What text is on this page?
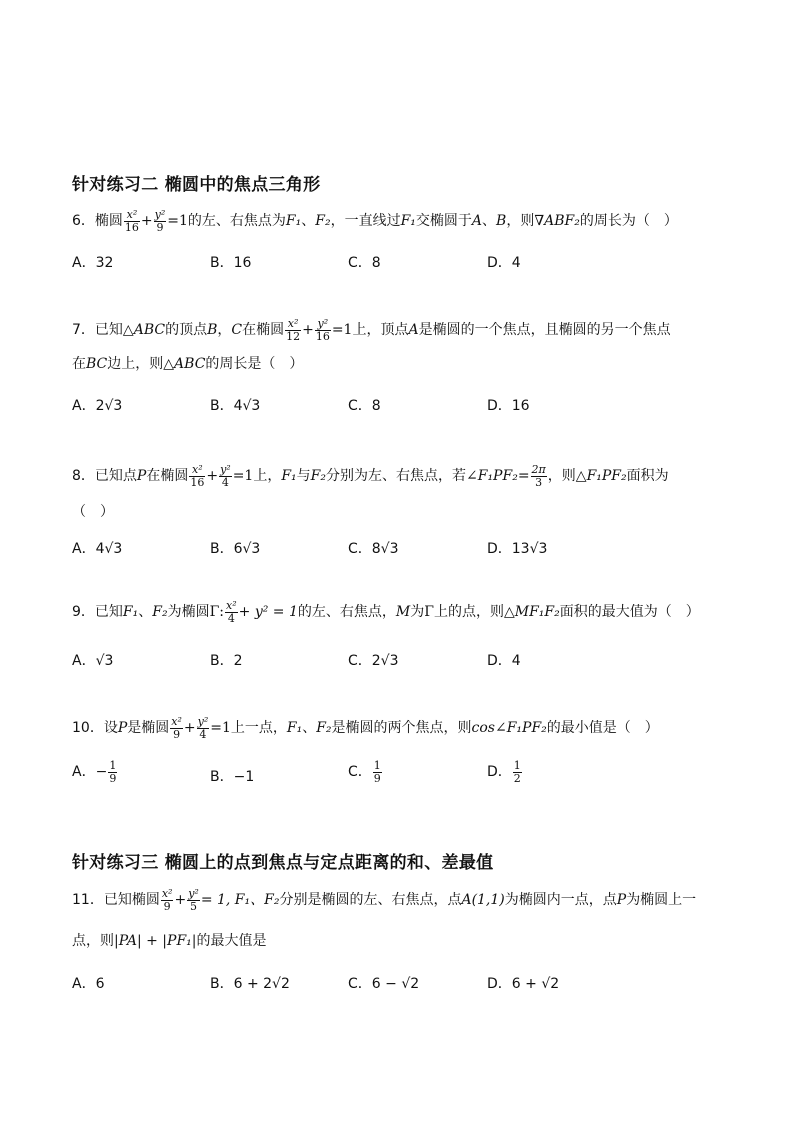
针对练习二 椭圆中的焦点三角形
6．椭圆 $\frac{\text{x²}}{16} + \frac{\text{y²}}{9} =1$的左、右焦点为F₁、F₂，一直线过F₁交椭圆于A、B，则∇ABF₂的周长为（　）
A．32	B．16	C．8	D．4
7．已知△ABC的顶点B，C在椭圆 $\frac{\text{x²}}{12} + \frac{\text{y²}}{16} =1$上，顶点A是椭圆的一个焦点，且椭圆的另一个焦点
在BC边上，则△ABC的周长是（　）
A．2√3	B．4√3	C．8	D．16
8．已知点P在椭圆 $\frac{\text{x²}}{16} + \frac{\text{y²}}{4} =1$上，F₁与F₂分别为左、右焦点，若∠F₁PF₂= $\frac{2\pi}{3}$ ，则△F₁PF₂面积为
（　）
A．4√3	B．6√3	C．8√3	D．13√3
9．已知F₁、F₂为椭圆Γ: $\frac{\text{x²}}{4} + y^2 = 1$的左、右焦点，M为Γ上的点，则△MF₁F₂面积的最大值为（　）
A．√3	B．2	C．2√3	D．4
10．设P是椭圆 $\frac{\text{x²}}{9} + \frac{\text{y²}}{4} =1$上一点，F₁、F₂是椭圆的两个焦点，则cos∠F₁PF₂的最小值是（　）
A．− $\frac{1}{9}$	B．−1	C． $\frac{1}{9}$	D． $\frac{1}{2}$
针对练习三 椭圆上的点到焦点与定点距离的和、差最值
11．已知椭圆 $\frac{\text{x²}}{9} + \frac{\text{y²}}{5} = 1$, F₁、F₂分别是椭圆的左、右焦点，点A(1,1)为椭圆内一点，点P为椭圆上一
点，则|PA| + |PF₁|的最大值是
A．6	B．6 + 2√2	C．6 − √2	D．6 + √2
